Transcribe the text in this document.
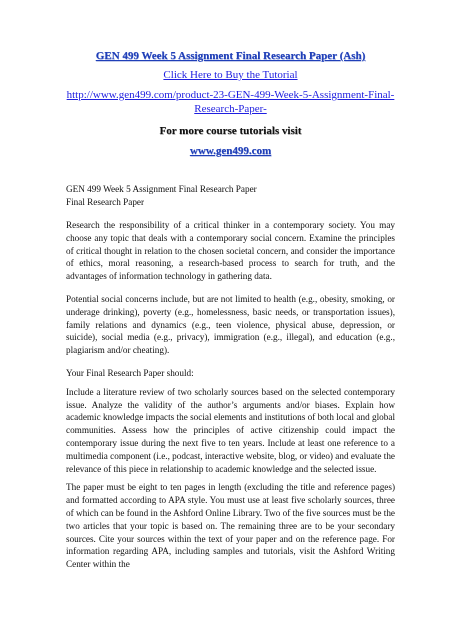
GEN 499 Week 5 Assignment Final Research Paper (Ash)
Click Here to Buy the Tutorial
http://www.gen499.com/product-23-GEN-499-Week-5-Assignment-Final-Research-Paper-
For more course tutorials visit
www.gen499.com

GEN 499 Week 5 Assignment Final Research Paper

Final Research Paper

Research the responsibility of a critical thinker in a contemporary society. You may choose any topic that deals with a contemporary social concern. Examine the principles of critical thought in relation to the chosen societal concern, and consider the importance of ethics, moral reasoning, a research-based process to search for truth, and the advantages of information technology in gathering data.

Potential social concerns include, but are not limited to health (e.g., obesity, smoking, or underage drinking), poverty (e.g., homelessness, basic needs, or transportation issues), family relations and dynamics (e.g., teen violence, physical abuse, depression, or suicide), social media (e.g., privacy), immigration (e.g., illegal), and education (e.g., plagiarism and/or cheating).

Your Final Research Paper should:

Include a literature review of two scholarly sources based on the selected contemporary issue. Analyze the validity of the author’s arguments and/or biases. Explain how academic knowledge impacts the social elements and institutions of both local and global communities. Assess how the principles of active citizenship could impact the contemporary issue during the next five to ten years. Include at least one reference to a multimedia component (i.e., podcast, interactive website, blog, or video) and evaluate the relevance of this piece in relationship to academic knowledge and the selected issue.

The paper must be eight to ten pages in length (excluding the title and reference pages) and formatted according to APA style. You must use at least five scholarly sources, three of which can be found in the Ashford Online Library. Two of the five sources must be the two articles that your topic is based on. The remaining three are to be your secondary sources. Cite your sources within the text of your paper and on the reference page. For information regarding APA, including samples and tutorials, visit the Ashford Writing Center within the
